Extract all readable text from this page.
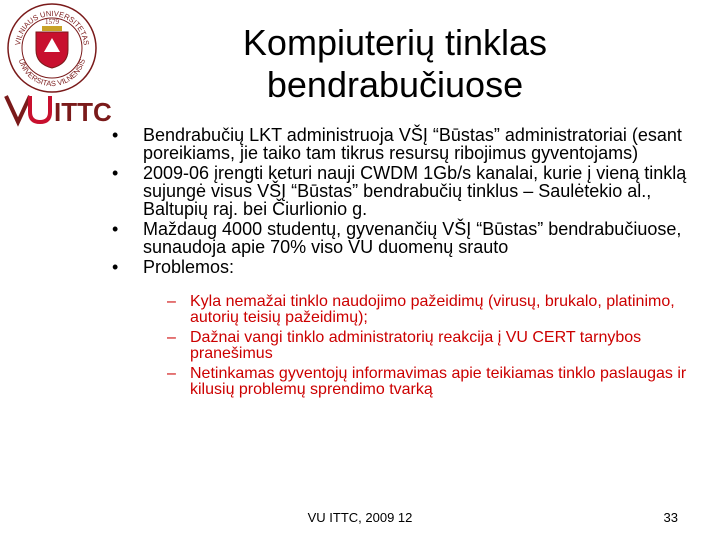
VILNIAUS UNIVERSITETAS
UNIVERSITAS VILNENSIS
1579
ITTC
Kompiuterių tinklas
bendrabučiuose
• Bendrabučių LKT administruoja VŠĮ “Būstas” administratoriai (esant poreikiams, jie taiko tam tikrus resursų ribojimus gyventojams)
• 2009-06 įrengti keturi nauji CWDM 1Gb/s kanalai, kurie į vieną tinklą sujungė visus VŠĮ “Būstas” bendrabučių tinklus – Saulėtekio al., Baltupių raj. bei Čiurlionio g.
• Maždaug 4000 studentų, gyvenančių VŠĮ “Būstas” bendrabučiuose, sunaudoja apie 70% viso VU duomenų srauto
• Problemos:
– Kyla nemažai tinklo naudojimo pažeidimų (virusų, brukalo, platinimo, autorių teisių pažeidimų);
– Dažnai vangi tinklo administratorių reakcija į VU CERT tarnybos pranešimus
– Netinkamas gyventojų informavimas apie teikiamas tinklo paslaugas ir kilusių problemų sprendimo tvarką
VU ITTC, 2009 12	33
